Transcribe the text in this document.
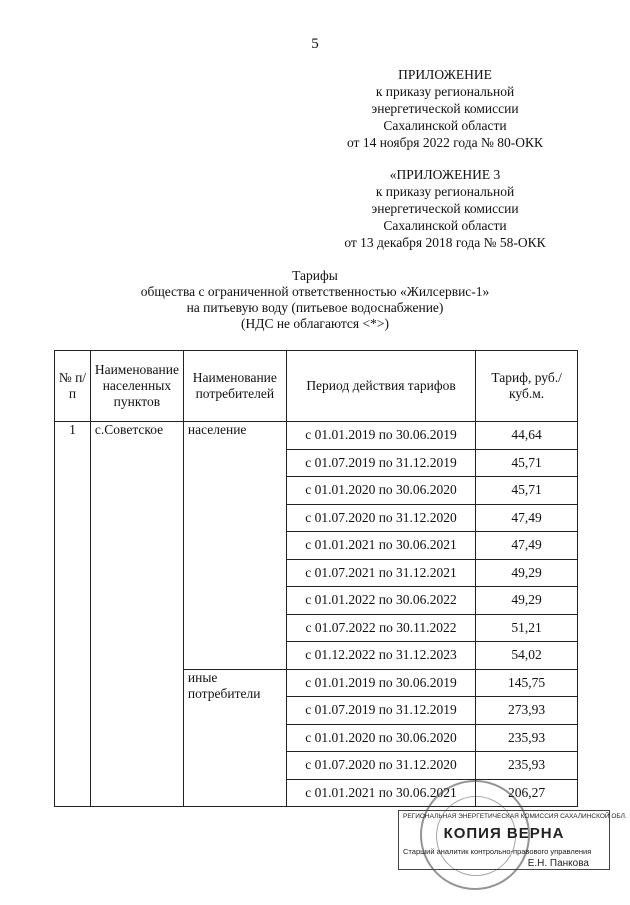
5
ПРИЛОЖЕНИЕ
к приказу региональной
энергетической комиссии
Сахалинской области
от 14 ноября 2022 года № 80-ОКК
«ПРИЛОЖЕНИЕ 3
к приказу региональной
энергетической комиссии
Сахалинской области
от 13 декабря 2018 года № 58-ОКК
Тарифы
общества с ограниченной ответственностью «Жилсервис-1»
на питьевую воду (питьевое водоснабжение)
(НДС не облагаются <*>)
№ п/п	Наименование населенных пунктов	Наименование потребителей	Период действия тарифов	Тариф, руб./куб.м.
1	с.Советское	население	с 01.01.2019 по 30.06.2019	44,64
			с 01.07.2019 по 31.12.2019	45,71
			с 01.01.2020 по 30.06.2020	45,71
			с 01.07.2020 по 31.12.2020	47,49
			с 01.01.2021 по 30.06.2021	47,49
			с 01.07.2021 по 31.12.2021	49,29
			с 01.01.2022 по 30.06.2022	49,29
			с 01.07.2022 по 30.11.2022	51,21
			с 01.12.2022 по 31.12.2023	54,02
		иные потребители	с 01.01.2019 по 30.06.2019	145,75
			с 01.07.2019 по 31.12.2019	273,93
			с 01.01.2020 по 30.06.2020	235,93
			с 01.07.2020 по 31.12.2020	235,93
			с 01.01.2021 по 30.06.2021	206,27
РЕГИОНАЛЬНАЯ ЭНЕРГЕТИЧЕСКАЯ КОМИССИЯ САХАЛИНСКОЙ ОБЛ.
КОПИЯ ВЕРНА
Старший аналитик контрольно-правового управления
Е.Н. Панкова
